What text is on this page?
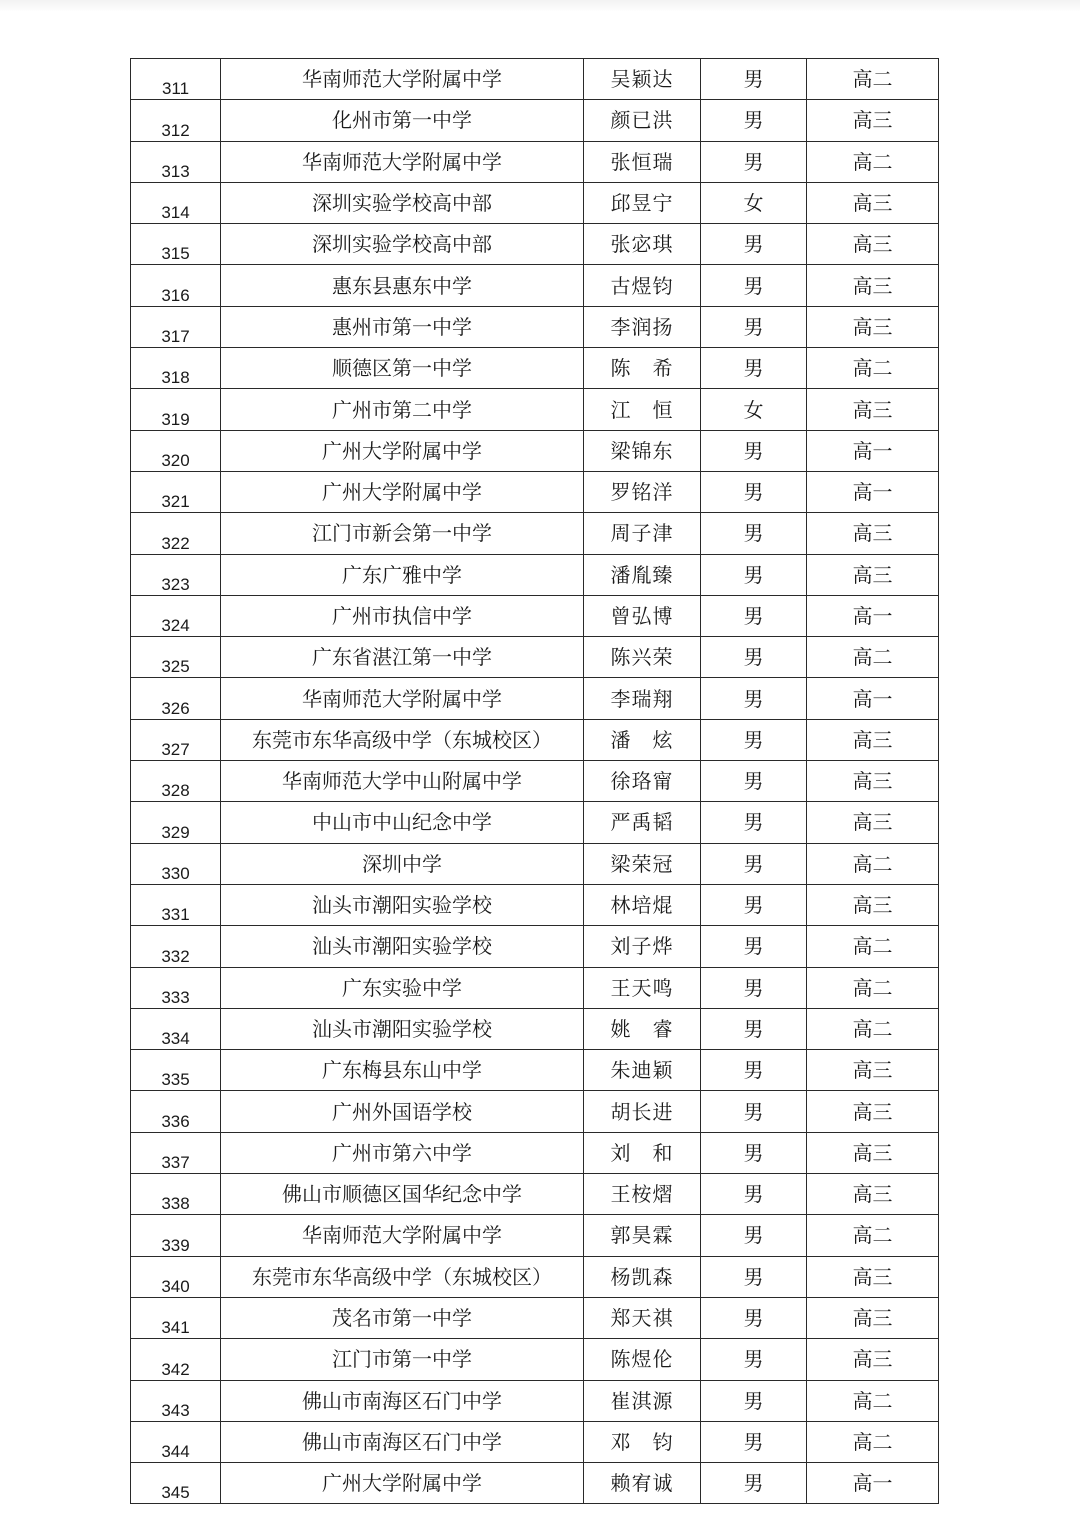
311	华南师范大学附属中学	吴颖达	男	高二
312	化州市第一中学	颜已洪	男	高三
313	华南师范大学附属中学	张恒瑞	男	高二
314	深圳实验学校高中部	邱昱宁	女	高三
315	深圳实验学校高中部	张宓琪	男	高三
316	惠东县惠东中学	古煜钧	男	高三
317	惠州市第一中学	李润扬	男	高三
318	顺德区第一中学	陈　希	男	高二
319	广州市第二中学	江　恒	女	高三
320	广州大学附属中学	梁锦东	男	高一
321	广州大学附属中学	罗铭洋	男	高一
322	江门市新会第一中学	周子津	男	高三
323	广东广雅中学	潘胤臻	男	高三
324	广州市执信中学	曾弘博	男	高一
325	广东省湛江第一中学	陈兴荣	男	高二
326	华南师范大学附属中学	李瑞翔	男	高一
327	东莞市东华高级中学（东城校区）	潘　炫	男	高三
328	华南师范大学中山附属中学	徐珞甯	男	高三
329	中山市中山纪念中学	严禹韬	男	高三
330	深圳中学	梁荣冠	男	高二
331	汕头市潮阳实验学校	林培焜	男	高三
332	汕头市潮阳实验学校	刘子烨	男	高二
333	广东实验中学	王天鸣	男	高二
334	汕头市潮阳实验学校	姚　睿	男	高二
335	广东梅县东山中学	朱迪颖	男	高三
336	广州外国语学校	胡长进	男	高三
337	广州市第六中学	刘　和	男	高三
338	佛山市顺德区国华纪念中学	王桉熠	男	高三
339	华南师范大学附属中学	郭昊霖	男	高二
340	东莞市东华高级中学（东城校区）	杨凯森	男	高三
341	茂名市第一中学	郑天祺	男	高三
342	江门市第一中学	陈煜伦	男	高三
343	佛山市南海区石门中学	崔淇源	男	高二
344	佛山市南海区石门中学	邓　钧	男	高二
345	广州大学附属中学	赖宥诚	男	高一
